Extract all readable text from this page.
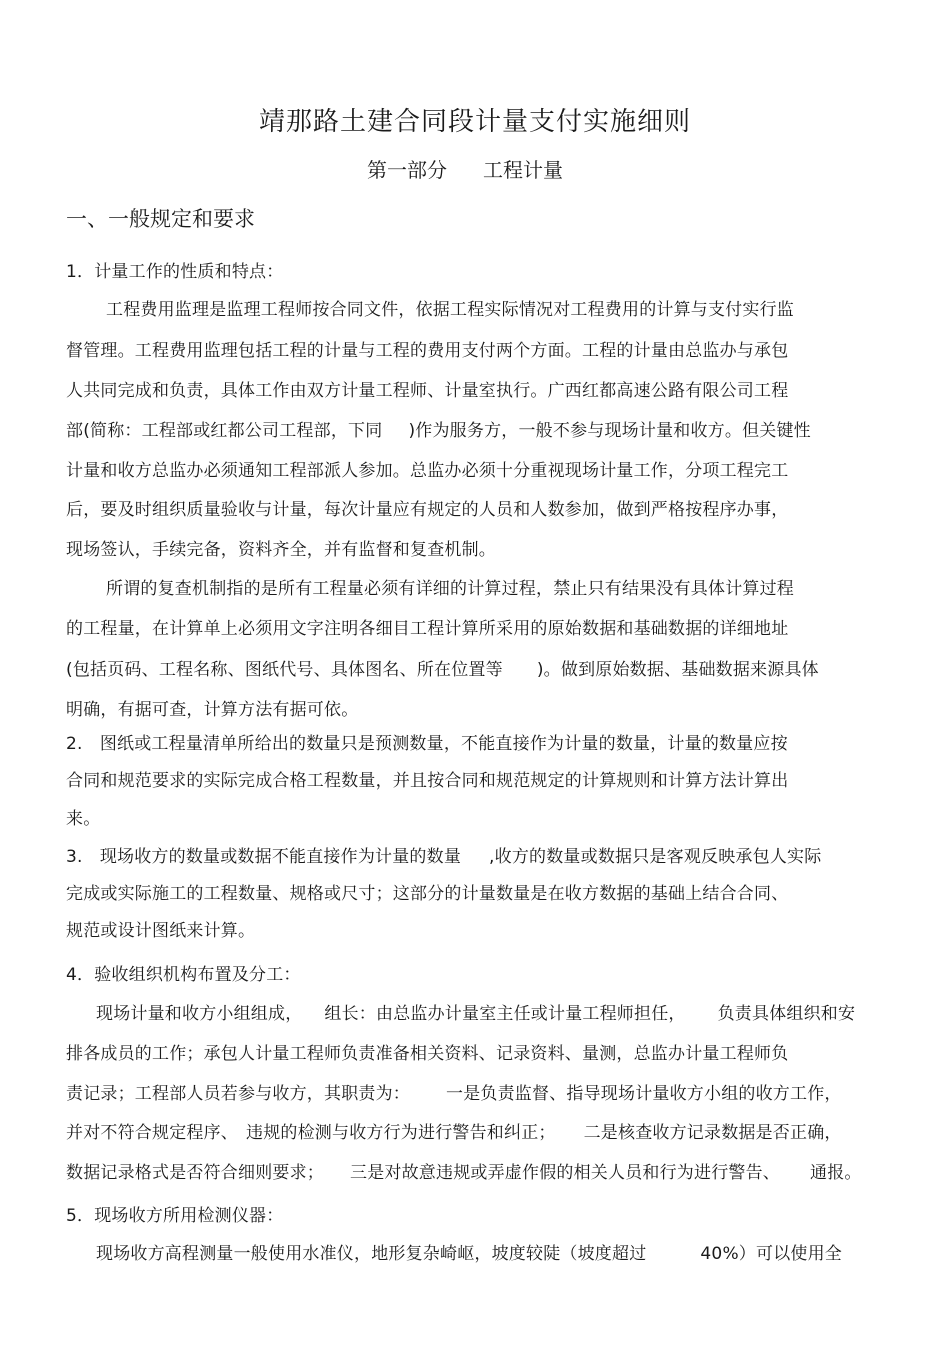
靖那路土建合同段计量支付实施细则
第一部分 工程计量
一、一般规定和要求
1．计量工作的性质和特点：
工程费用监理是监理工程师按合同文件，依据工程实际情况对工程费用的计算与支付实行监
督管理。工程费用监理包括工程的计量与工程的费用支付两个方面。工程的计量由总监办与承包
人共同完成和负责，具体工作由双方计量工程师、计量室执行。广西红都高速公路有限公司工程
部(简称：工程部或红都公司工程部，下同 )作为服务方，一般不参与现场计量和收方。但关键性
计量和收方总监办必须通知工程部派人参加。总监办必须十分重视现场计量工作，分项工程完工
后，要及时组织质量验收与计量，每次计量应有规定的人员和人数参加，做到严格按程序办事，
现场签认，手续完备，资料齐全，并有监督和复查机制。
所谓的复查机制指的是所有工程量必须有详细的计算过程，禁止只有结果没有具体计算过程
的工程量，在计算单上必须用文字注明各细目工程计算所采用的原始数据和基础数据的详细地址
(包括页码、工程名称、图纸代号、具体图名、所在位置等 )。做到原始数据、基础数据来源具体
明确，有据可查，计算方法有据可依。
2.　图纸或工程量清单所给出的数量只是预测数量，不能直接作为计量的数量，计量的数量应按
合同和规范要求的实际完成合格工程数量，并且按合同和规范规定的计算规则和计算方法计算出
来。
3.　现场收方的数量或数据不能直接作为计量的数量 ,收方的数量或数据只是客观反映承包人实际
完成或实际施工的工程数量、规格或尺寸；这部分的计量数量是在收方数据的基础上结合合同、
规范或设计图纸来计算。
4．验收组织机构布置及分工：
现场计量和收方小组组成， 组长：由总监办计量室主任或计量工程师担任， 负责具体组织和安
排各成员的工作；承包人计量工程师负责准备相关资料、记录资料、量测，总监办计量工程师负
责记录；工程部人员若参与收方，其职责为： 一是负责监督、指导现场计量收方小组的收方工作，
并对不符合规定程序、 违规的检测与收方行为进行警告和纠正； 二是核查收方记录数据是否正确，
数据记录格式是否符合细则要求； 三是对故意违规或弄虚作假的相关人员和行为进行警告、 通报。
5．现场收方所用检测仪器：
现场收方高程测量一般使用水准仪，地形复杂崎岖，坡度较陡（坡度超过	40%）可以使用全
